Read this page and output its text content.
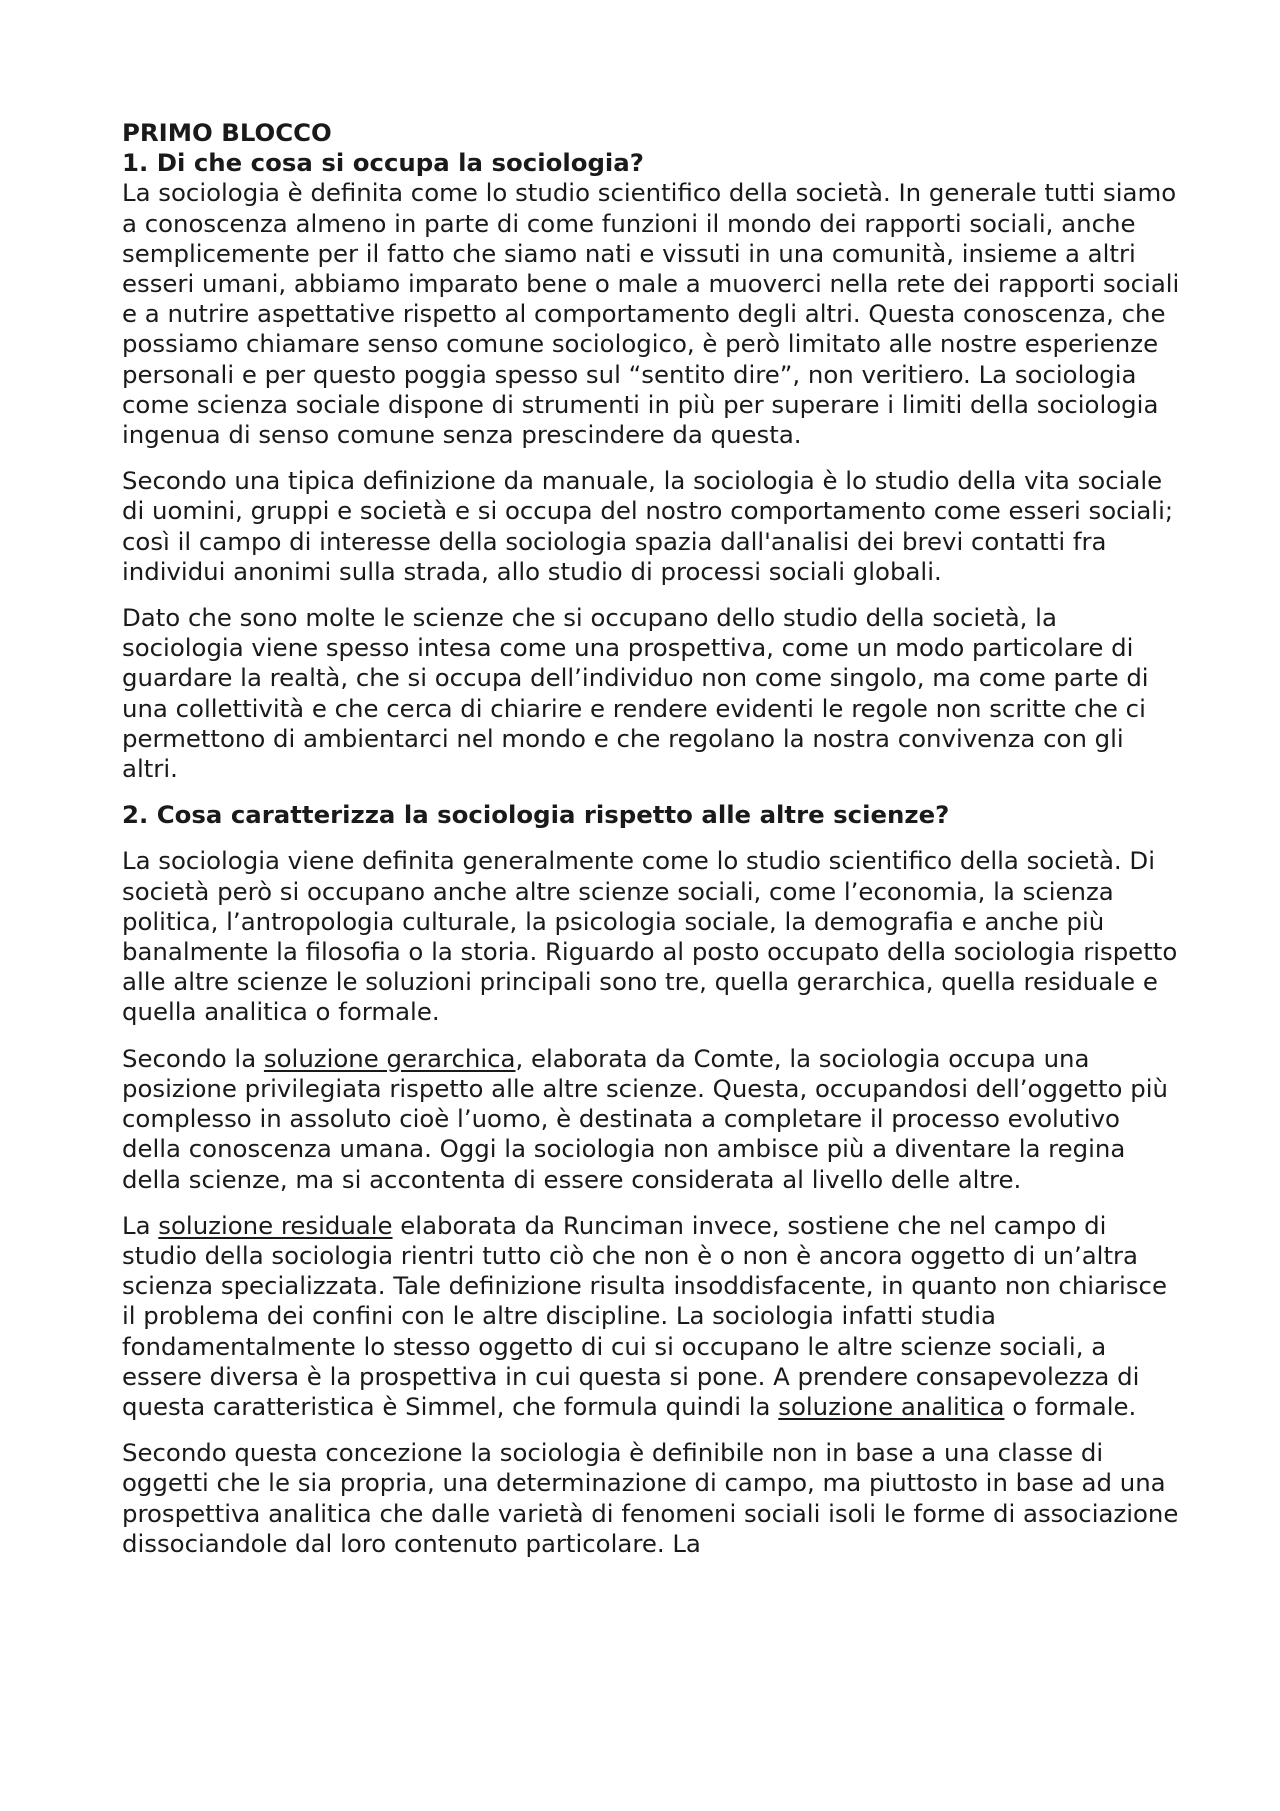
PRIMO BLOCCO

1. Di che cosa si occupa la sociologia?

La sociologia è definita come lo studio scientifico della società. In generale tutti siamo a conoscenza almeno in parte di come funzioni il mondo dei rapporti sociali, anche semplicemente per il fatto che siamo nati e vissuti in una comunità, insieme a altri esseri umani, abbiamo imparato bene o male a muoverci nella rete dei rapporti sociali e a nutrire aspettative rispetto al comportamento degli altri. Questa conoscenza, che possiamo chiamare senso comune sociologico, è però limitato alle nostre esperienze personali e per questo poggia spesso sul “sentito dire”, non veritiero. La sociologia come scienza sociale dispone di strumenti in più per superare i limiti della sociologia ingenua di senso comune senza prescindere da questa.

Secondo una tipica definizione da manuale, la sociologia è lo studio della vita sociale di uomini, gruppi e società e si occupa del nostro comportamento come esseri sociali; così il campo di interesse della sociologia spazia dall'analisi dei brevi contatti fra individui anonimi sulla strada, allo studio di processi sociali globali.

Dato che sono molte le scienze che si occupano dello studio della società, la sociologia viene spesso intesa come una prospettiva, come un modo particolare di guardare la realtà, che si occupa dell’individuo non come singolo, ma come parte di una collettività e che cerca di chiarire e rendere evidenti le regole non scritte che ci permettono di ambientarci nel mondo e che regolano la nostra convivenza con gli altri.

2. Cosa caratterizza la sociologia rispetto alle altre scienze?

La sociologia viene definita generalmente come lo studio scientifico della società. Di società però si occupano anche altre scienze sociali, come l’economia, la scienza politica, l’antropologia culturale, la psicologia sociale, la demografia e anche più banalmente la filosofia o la storia. Riguardo al posto occupato della sociologia rispetto alle altre scienze le soluzioni principali sono tre, quella gerarchica, quella residuale e quella analitica o formale.

Secondo la soluzione gerarchica, elaborata da Comte, la sociologia occupa una posizione privilegiata rispetto alle altre scienze. Questa, occupandosi dell’oggetto più complesso in assoluto cioè l’uomo, è destinata a completare il processo evolutivo della conoscenza umana. Oggi la sociologia non ambisce più a diventare la regina della scienze, ma si accontenta di essere considerata al livello delle altre.

La soluzione residuale elaborata da Runciman invece, sostiene che nel campo di studio della sociologia rientri tutto ciò che non è o non è ancora oggetto di un’altra scienza specializzata. Tale definizione risulta insoddisfacente, in quanto non chiarisce il problema dei confini con le altre discipline. La sociologia infatti studia fondamentalmente lo stesso oggetto di cui si occupano le altre scienze sociali, a essere diversa è la prospettiva in cui questa si pone. A prendere consapevolezza di questa caratteristica è Simmel, che formula quindi la soluzione analitica o formale.

Secondo questa concezione la sociologia è definibile non in base a una classe di oggetti che le sia propria, una determinazione di campo, ma piuttosto in base ad una prospettiva analitica che dalle varietà di fenomeni sociali isoli le forme di associazione dissociandole dal loro contenuto particolare. La
